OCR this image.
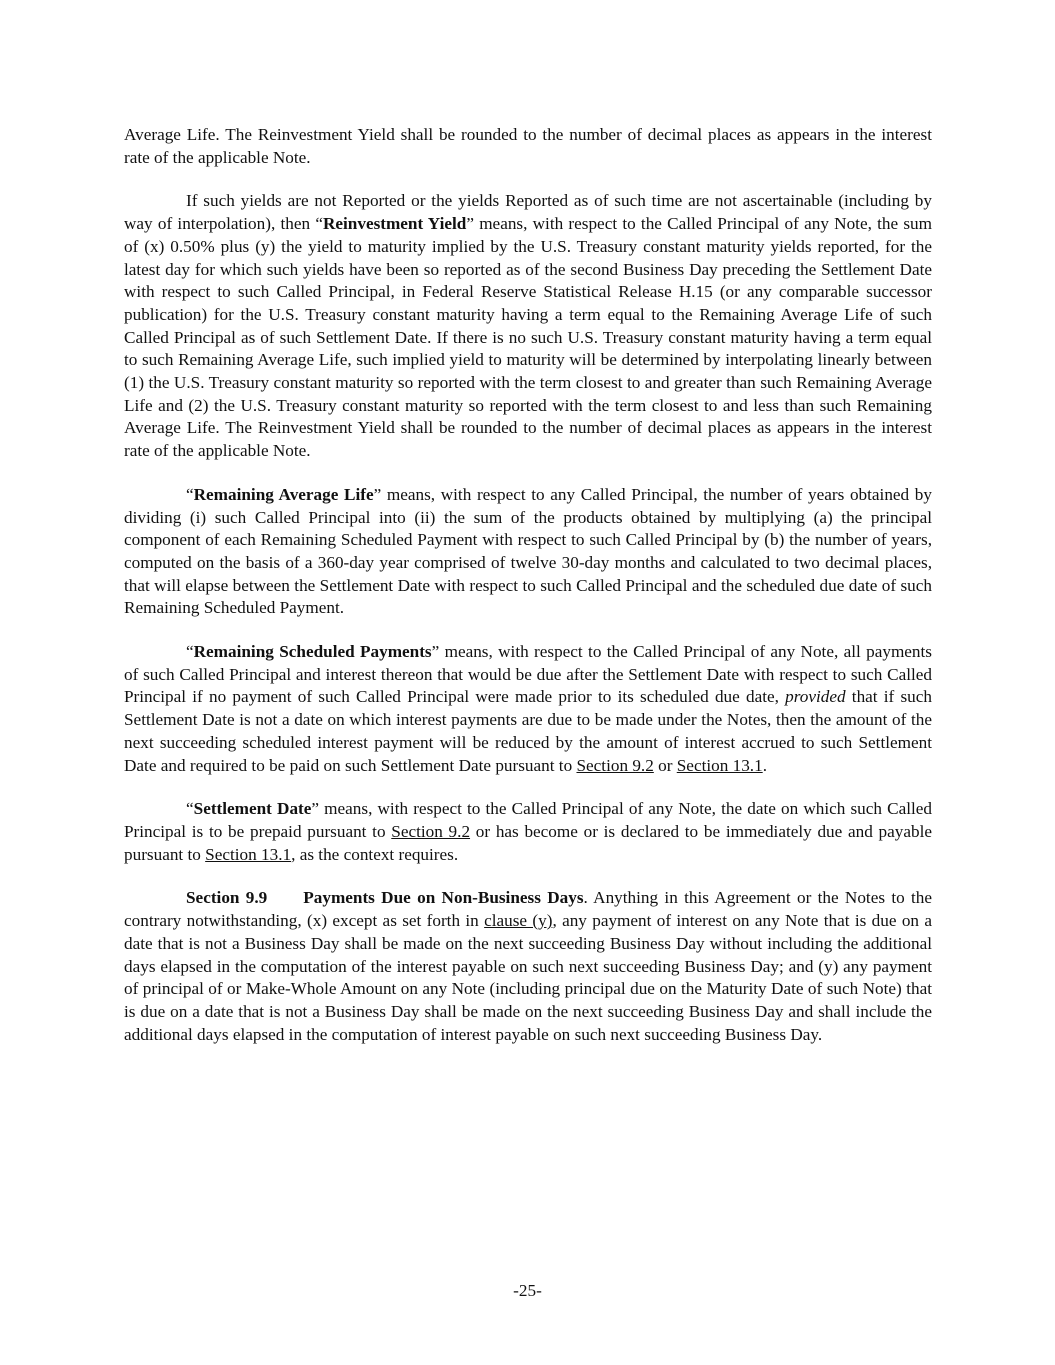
Average Life. The Reinvestment Yield shall be rounded to the number of decimal places as appears in the interest rate of the applicable Note.

If such yields are not Reported or the yields Reported as of such time are not ascertainable (including by way of interpolation), then “Reinvestment Yield” means, with respect to the Called Principal of any Note, the sum of (x) 0.50% plus (y) the yield to maturity implied by the U.S. Treasury constant maturity yields reported, for the latest day for which such yields have been so reported as of the second Business Day preceding the Settlement Date with respect to such Called Principal, in Federal Reserve Statistical Release H.15 (or any comparable successor publication) for the U.S. Treasury constant maturity having a term equal to the Remaining Average Life of such Called Principal as of such Settlement Date. If there is no such U.S. Treasury constant maturity having a term equal to such Remaining Average Life, such implied yield to maturity will be determined by interpolating linearly between (1) the U.S. Treasury constant maturity so reported with the term closest to and greater than such Remaining Average Life and (2) the U.S. Treasury constant maturity so reported with the term closest to and less than such Remaining Average Life. The Reinvestment Yield shall be rounded to the number of decimal places as appears in the interest rate of the applicable Note.

“Remaining Average Life” means, with respect to any Called Principal, the number of years obtained by dividing (i) such Called Principal into (ii) the sum of the products obtained by multiplying (a) the principal component of each Remaining Scheduled Payment with respect to such Called Principal by (b) the number of years, computed on the basis of a 360-day year comprised of twelve 30-day months and calculated to two decimal places, that will elapse between the Settlement Date with respect to such Called Principal and the scheduled due date of such Remaining Scheduled Payment.

“Remaining Scheduled Payments” means, with respect to the Called Principal of any Note, all payments of such Called Principal and interest thereon that would be due after the Settlement Date with respect to such Called Principal if no payment of such Called Principal were made prior to its scheduled due date, provided that if such Settlement Date is not a date on which interest payments are due to be made under the Notes, then the amount of the next succeeding scheduled interest payment will be reduced by the amount of interest accrued to such Settlement Date and required to be paid on such Settlement Date pursuant to Section 9.2 or Section 13.1.

“Settlement Date” means, with respect to the Called Principal of any Note, the date on which such Called Principal is to be prepaid pursuant to Section 9.2 or has become or is declared to be immediately due and payable pursuant to Section 13.1, as the context requires.

Section 9.9 Payments Due on Non-Business Days. Anything in this Agreement or the Notes to the contrary notwithstanding, (x) except as set forth in clause (y), any payment of interest on any Note that is due on a date that is not a Business Day shall be made on the next succeeding Business Day without including the additional days elapsed in the computation of the interest payable on such next succeeding Business Day; and (y) any payment of principal of or Make-Whole Amount on any Note (including principal due on the Maturity Date of such Note) that is due on a date that is not a Business Day shall be made on the next succeeding Business Day and shall include the additional days elapsed in the computation of interest payable on such next succeeding Business Day.

-25-
